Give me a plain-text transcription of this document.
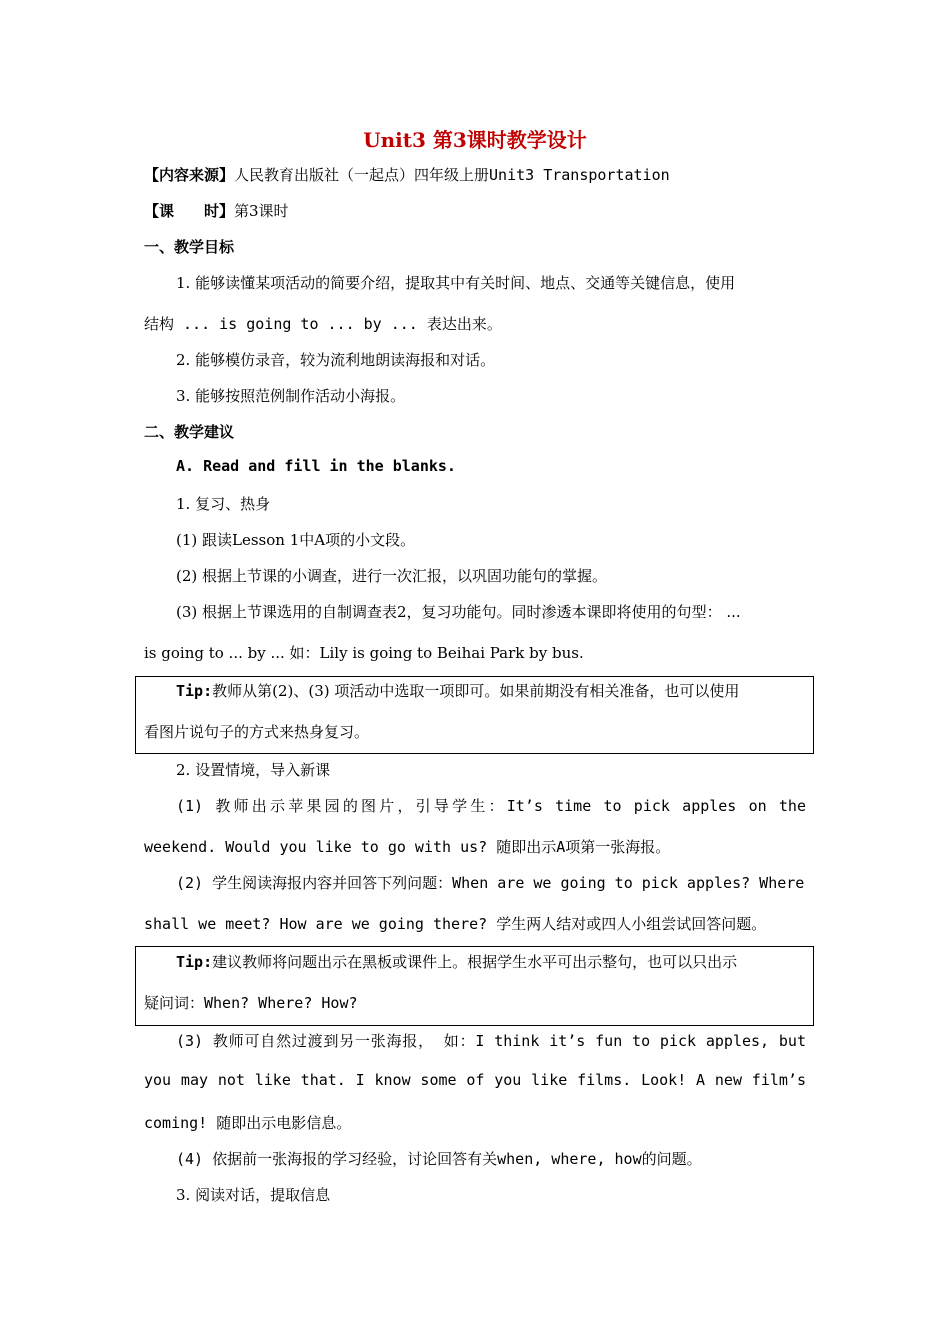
Unit3 第3课时教学设计
【内容来源】人民教育出版社（一起点）四年级上册Unit3 Transportation
【课　　时】第3课时
一、教学目标
1. 能够读懂某项活动的简要介绍，提取其中有关时间、地点、交通等关键信息，使用
结构 ... is going to ... by ... 表达出来。
2. 能够模仿录音，较为流利地朗读海报和对话。
3. 能够按照范例制作活动小海报。
二、教学建议
A. Read and fill in the blanks.
1. 复习、热身
(1) 跟读Lesson 1中A项的小文段。
(2) 根据上节课的小调查，进行一次汇报，以巩固功能句的掌握。
(3) 根据上节课选用的自制调查表2，复习功能句。同时渗透本课即将使用的句型： ...
is going to ... by ... 如：Lily is going to Beihai Park by bus.
Tip:教师从第(2)、(3) 项活动中选取一项即可。如果前期没有相关准备，也可以使用
看图片说句子的方式来热身复习。
2. 设置情境，导入新课
(1) 教师出示苹果园的图片，引导学生：It’s time to pick apples on the
weekend. Would you like to go with us? 随即出示A项第一张海报。
(2) 学生阅读海报内容并回答下列问题：When are we going to pick apples? Where
shall we meet? How are we going there? 学生两人结对或四人小组尝试回答问题。
Tip:建议教师将问题出示在黑板或课件上。根据学生水平可出示整句，也可以只出示
疑问词：When? Where? How?
(3) 教师可自然过渡到另一张海报， 如：I think it’s fun to pick apples, but
you may not like that. I know some of you like films. Look! A new film’s
coming! 随即出示电影信息。
(4) 依据前一张海报的学习经验，讨论回答有关when, where, how的问题。
3. 阅读对话，提取信息
